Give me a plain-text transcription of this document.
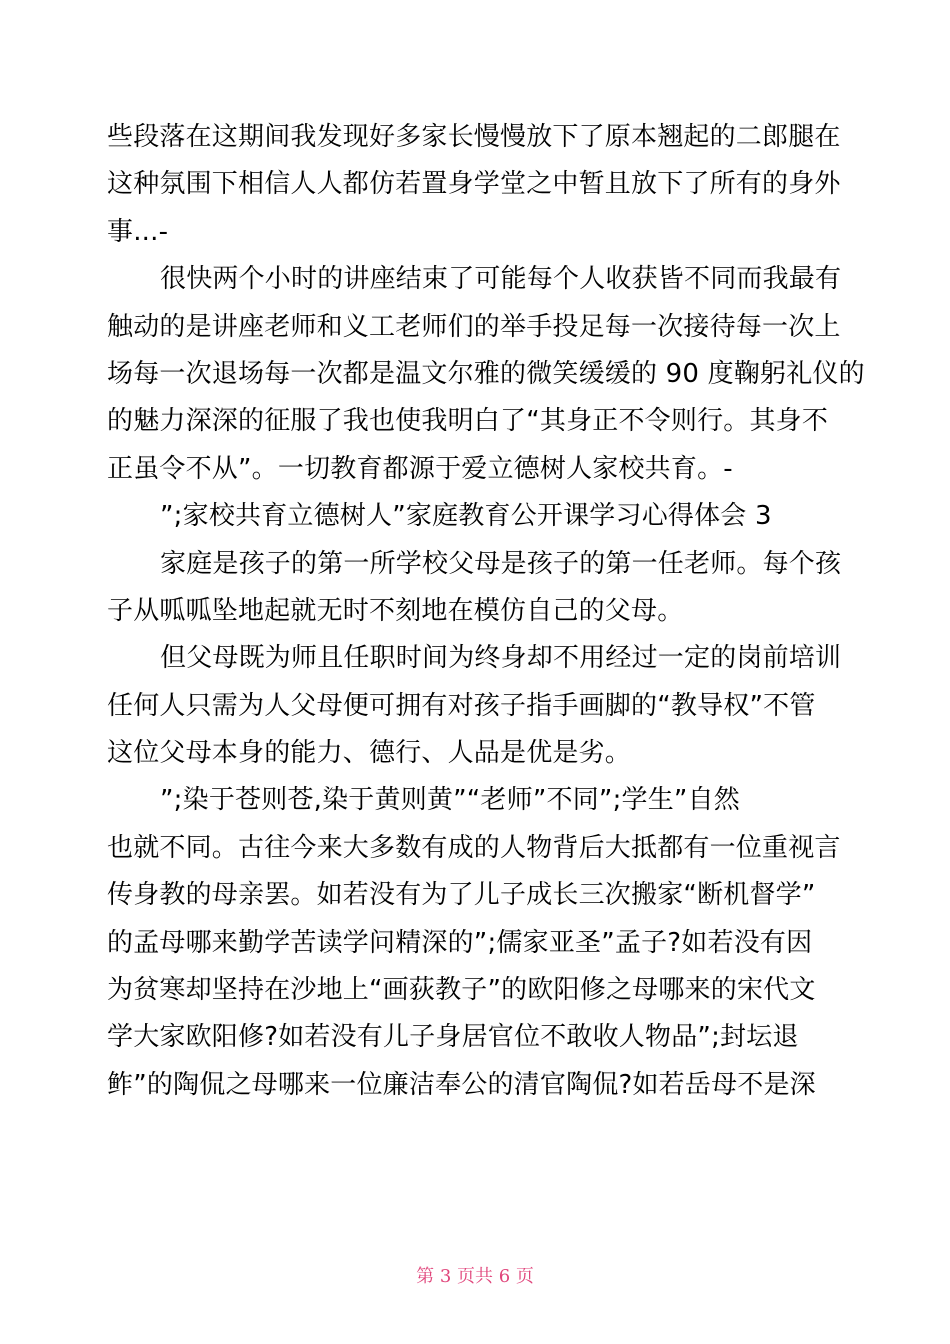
些段落在这期间我发现好多家长慢慢放下了原本翘起的二郎腿在
这种氛围下相信人人都仿若置身学堂之中暂且放下了所有的身外
事...-
很快两个小时的讲座结束了可能每个人收获皆不同而我最有
触动的是讲座老师和义工老师们的举手投足每一次接待每一次上
场每一次退场每一次都是温文尔雅的微笑缓缓的 90 度鞠躬礼仪的
的魅力深深的征服了我也使我明白了“其身正不令则行。其身不
正虽令不从”。一切教育都源于爱立德树人家校共育。-
”;家校共育立德树人”家庭教育公开课学习心得体会 3
家庭是孩子的第一所学校父母是孩子的第一任老师。每个孩
子从呱呱坠地起就无时不刻地在模仿自己的父母。
但父母既为师且任职时间为终身却不用经过一定的岗前培训
任何人只需为人父母便可拥有对孩子指手画脚的“教导权”不管
这位父母本身的能力、德行、人品是优是劣。
”;染于苍则苍,染于黄则黄”“老师”不同”;学生”自然
也就不同。古往今来大多数有成的人物背后大抵都有一位重视言
传身教的母亲罢。如若没有为了儿子成长三次搬家“断机督学”
的孟母哪来勤学苦读学问精深的”;儒家亚圣”孟子?如若没有因
为贫寒却坚持在沙地上“画荻教子”的欧阳修之母哪来的宋代文
学大家欧阳修?如若没有儿子身居官位不敢收人物品”;封坛退
鲊”的陶侃之母哪来一位廉洁奉公的清官陶侃?如若岳母不是深
第 3 页共 6 页
